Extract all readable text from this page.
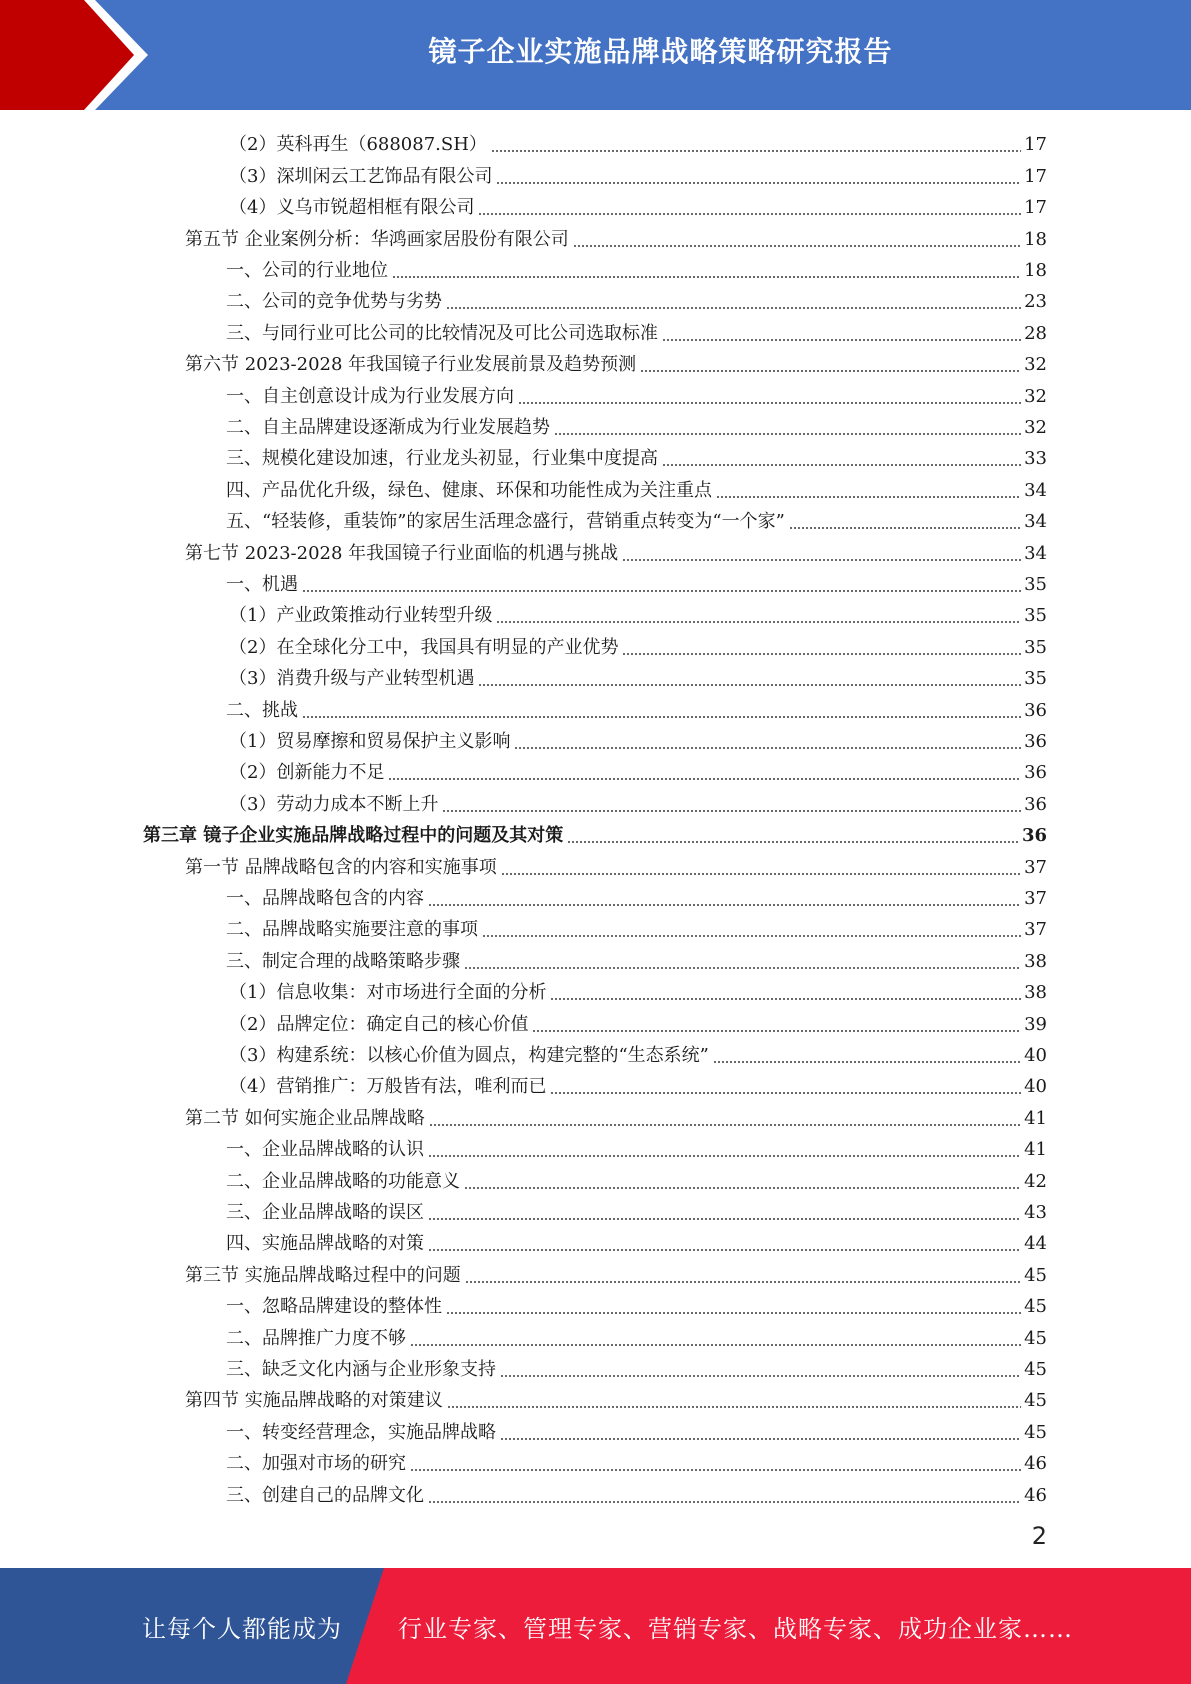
镜子企业实施品牌战略策略研究报告
（2）英科再生（688087.SH）	17
（3）深圳闲云工艺饰品有限公司	17
（4）义乌市锐超相框有限公司	17
第五节 企业案例分析：华鸿画家居股份有限公司	18
一、公司的行业地位	18
二、公司的竞争优势与劣势	23
三、与同行业可比公司的比较情况及可比公司选取标准	28
第六节 2023-2028 年我国镜子行业发展前景及趋势预测	32
一、自主创意设计成为行业发展方向	32
二、自主品牌建设逐渐成为行业发展趋势	32
三、规模化建设加速，行业龙头初显，行业集中度提高	33
四、产品优化升级，绿色、健康、环保和功能性成为关注重点	34
五、“轻装修，重装饰”的家居生活理念盛行，营销重点转变为“一个家”	34
第七节 2023-2028 年我国镜子行业面临的机遇与挑战	34
一、机遇	35
（1）产业政策推动行业转型升级	35
（2）在全球化分工中，我国具有明显的产业优势	35
（3）消费升级与产业转型机遇	35
二、挑战	36
（1）贸易摩擦和贸易保护主义影响	36
（2）创新能力不足	36
（3）劳动力成本不断上升	36
第三章 镜子企业实施品牌战略过程中的问题及其对策	36
第一节 品牌战略包含的内容和实施事项	37
一、品牌战略包含的内容	37
二、品牌战略实施要注意的事项	37
三、制定合理的战略策略步骤	38
（1）信息收集：对市场进行全面的分析	38
（2）品牌定位：确定自己的核心价值	39
（3）构建系统：以核心价值为圆点，构建完整的“生态系统”	40
（4）营销推广：万般皆有法，唯利而已	40
第二节 如何实施企业品牌战略	41
一、企业品牌战略的认识	41
二、企业品牌战略的功能意义	42
三、企业品牌战略的误区	43
四、实施品牌战略的对策	44
第三节 实施品牌战略过程中的问题	45
一、忽略品牌建设的整体性	45
二、品牌推广力度不够	45
三、缺乏文化内涵与企业形象支持	45
第四节 实施品牌战略的对策建议	45
一、转变经营理念，实施品牌战略	45
二、加强对市场的研究	46
三、创建自己的品牌文化	46
2
让每个人都能成为 行业专家、管理专家、营销专家、战略专家、成功企业家……
